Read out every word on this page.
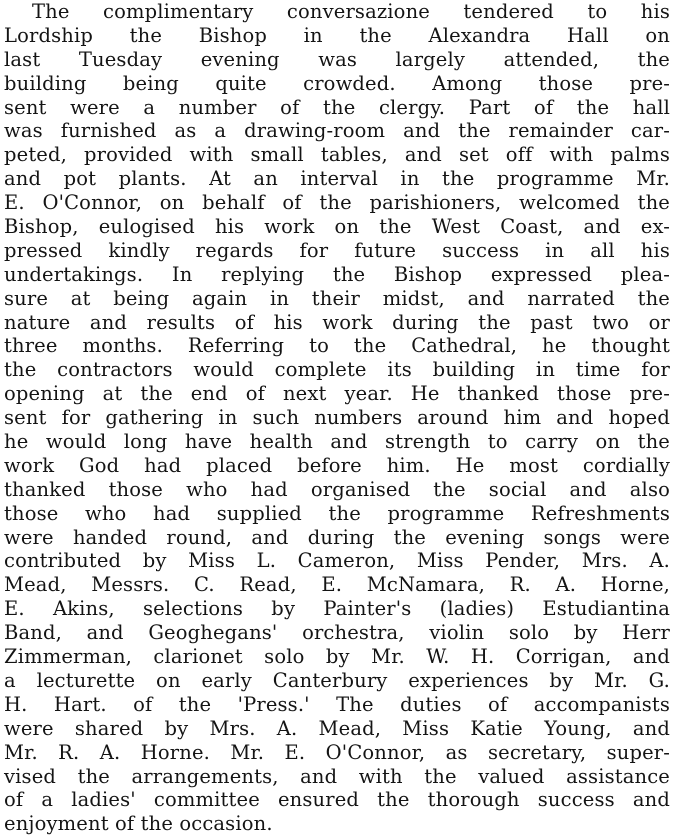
The complimentary conversazione tendered to his
Lordship the Bishop in the Alexandra Hall on
last Tuesday evening was largely attended, the
building being quite crowded. Among those pre-
sent were a number of the clergy. Part of the hall
was furnished as a drawing-room and the remainder car-
peted, provided with small tables, and set off with palms
and pot plants. At an interval in the programme Mr.
E. O'Connor, on behalf of the parishioners, welcomed the
Bishop, eulogised his work on the West Coast, and ex-
pressed kindly regards for future success in all his
undertakings. In replying the Bishop expressed plea-
sure at being again in their midst, and narrated the
nature and results of his work during the past two or
three months. Referring to the Cathedral, he thought
the contractors would complete its building in time for
opening at the end of next year. He thanked those pre-
sent for gathering in such numbers around him and hoped
he would long have health and strength to carry on the
work God had placed before him. He most cordially
thanked those who had organised the social and also
those who had supplied the programme Refreshments
were handed round, and during the evening songs were
contributed by Miss L. Cameron, Miss Pender, Mrs. A.
Mead, Messrs. C. Read, E. McNamara, R. A. Horne,
E. Akins, selections by Painter's (ladies) Estudiantina
Band, and Geoghegans' orchestra, violin solo by Herr
Zimmerman, clarionet solo by Mr. W. H. Corrigan, and
a lecturette on early Canterbury experiences by Mr. G.
H. Hart. of the 'Press.' The duties of accompanists
were shared by Mrs. A. Mead, Miss Katie Young, and
Mr. R. A. Horne. Mr. E. O'Connor, as secretary, super-
vised the arrangements, and with the valued assistance
of a ladies' committee ensured the thorough success and
enjoyment of the occasion.
